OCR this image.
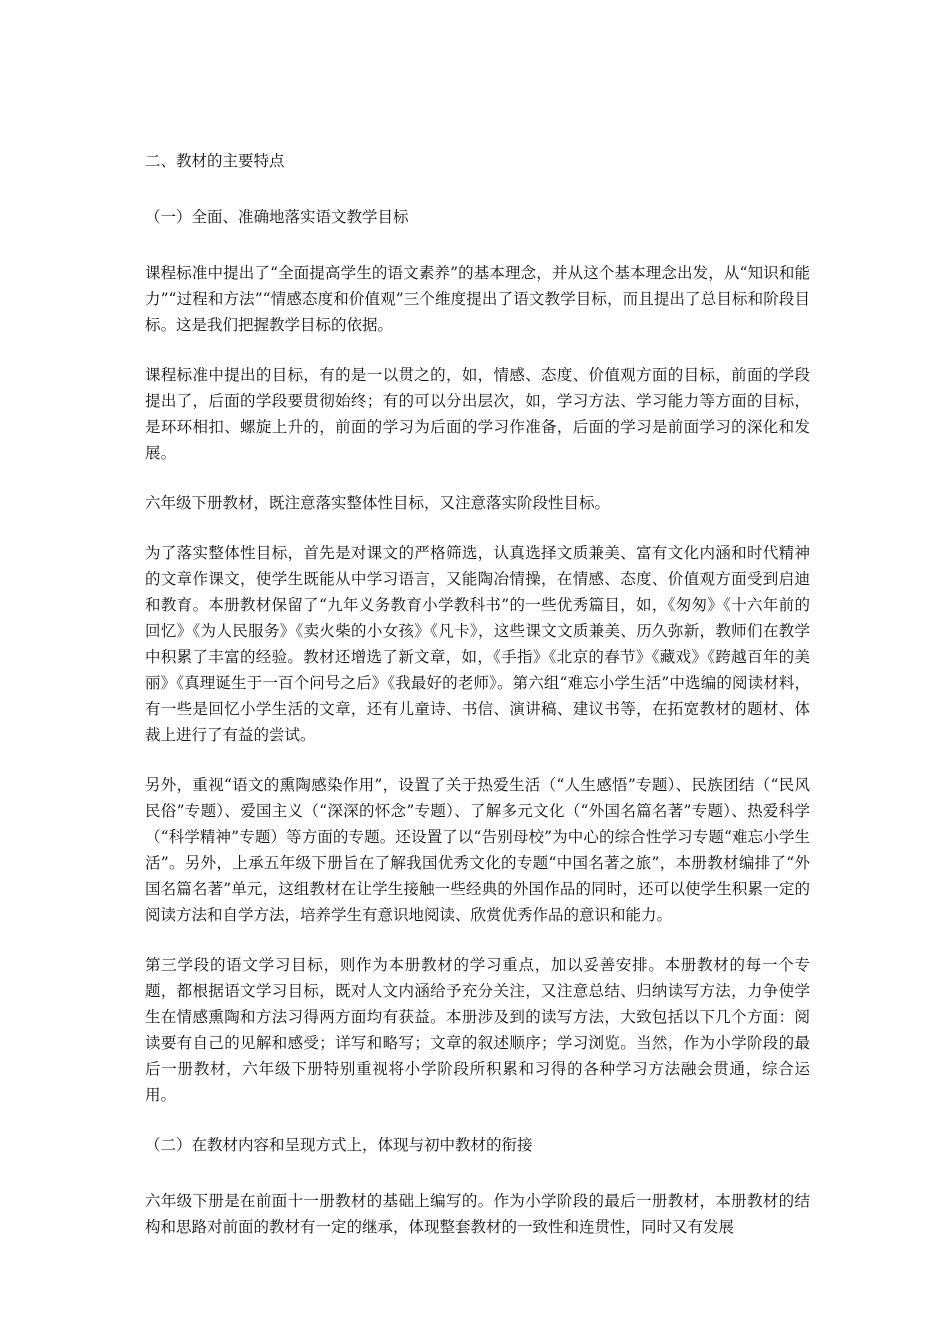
二、教材的主要特点

（一）全面、准确地落实语文教学目标

课程标准中提出了“全面提高学生的语文素养”的基本理念，并从这个基本理念出发，从“知识和能力”“过程和方法”“情感态度和价值观”三个维度提出了语文教学目标，而且提出了总目标和阶段目标。这是我们把握教学目标的依据。

课程标准中提出的目标，有的是一以贯之的，如，情感、态度、价值观方面的目标，前面的学段提出了，后面的学段要贯彻始终；有的可以分出层次，如，学习方法、学习能力等方面的目标，是环环相扣、螺旋上升的，前面的学习为后面的学习作准备，后面的学习是前面学习的深化和发展。

六年级下册教材，既注意落实整体性目标，又注意落实阶段性目标。

为了落实整体性目标，首先是对课文的严格筛选，认真选择文质兼美、富有文化内涵和时代精神的文章作课文，使学生既能从中学习语言，又能陶冶情操，在情感、态度、价值观方面受到启迪和教育。本册教材保留了“九年义务教育小学教科书”的一些优秀篇目，如，《匆匆》《十六年前的回忆》《为人民服务》《卖火柴的小女孩》《凡卡》，这些课文文质兼美、历久弥新，教师们在教学中积累了丰富的经验。教材还增选了新文章，如，《手指》《北京的春节》《藏戏》《跨越百年的美丽》《真理诞生于一百个问号之后》《我最好的老师》。第六组“难忘小学生活”中选编的阅读材料，有一些是回忆小学生活的文章，还有儿童诗、书信、演讲稿、建议书等，在拓宽教材的题材、体裁上进行了有益的尝试。

另外，重视“语文的熏陶感染作用”，设置了关于热爱生活（“人生感悟”专题）、民族团结（“民风民俗”专题）、爱国主义（“深深的怀念”专题）、了解多元文化（“外国名篇名著”专题）、热爱科学（“科学精神”专题）等方面的专题。还设置了以“告别母校”为中心的综合性学习专题“难忘小学生活”。另外，上承五年级下册旨在了解我国优秀文化的专题“中国名著之旅”，本册教材编排了“外国名篇名著”单元，这组教材在让学生接触一些经典的外国作品的同时，还可以使学生积累一定的阅读方法和自学方法，培养学生有意识地阅读、欣赏优秀作品的意识和能力。

第三学段的语文学习目标，则作为本册教材的学习重点，加以妥善安排。本册教材的每一个专题，都根据语文学习目标，既对人文内涵给予充分关注，又注意总结、归纳读写方法，力争使学生在情感熏陶和方法习得两方面均有获益。本册涉及到的读写方法，大致包括以下几个方面：阅读要有自己的见解和感受；详写和略写；文章的叙述顺序；学习浏览。当然，作为小学阶段的最后一册教材，六年级下册特别重视将小学阶段所积累和习得的各种学习方法融会贯通，综合运用。

（二）在教材内容和呈现方式上，体现与初中教材的衔接

六年级下册是在前面十一册教材的基础上编写的。作为小学阶段的最后一册教材，本册教材的结构和思路对前面的教材有一定的继承，体现整套教材的一致性和连贯性，同时又有发展
